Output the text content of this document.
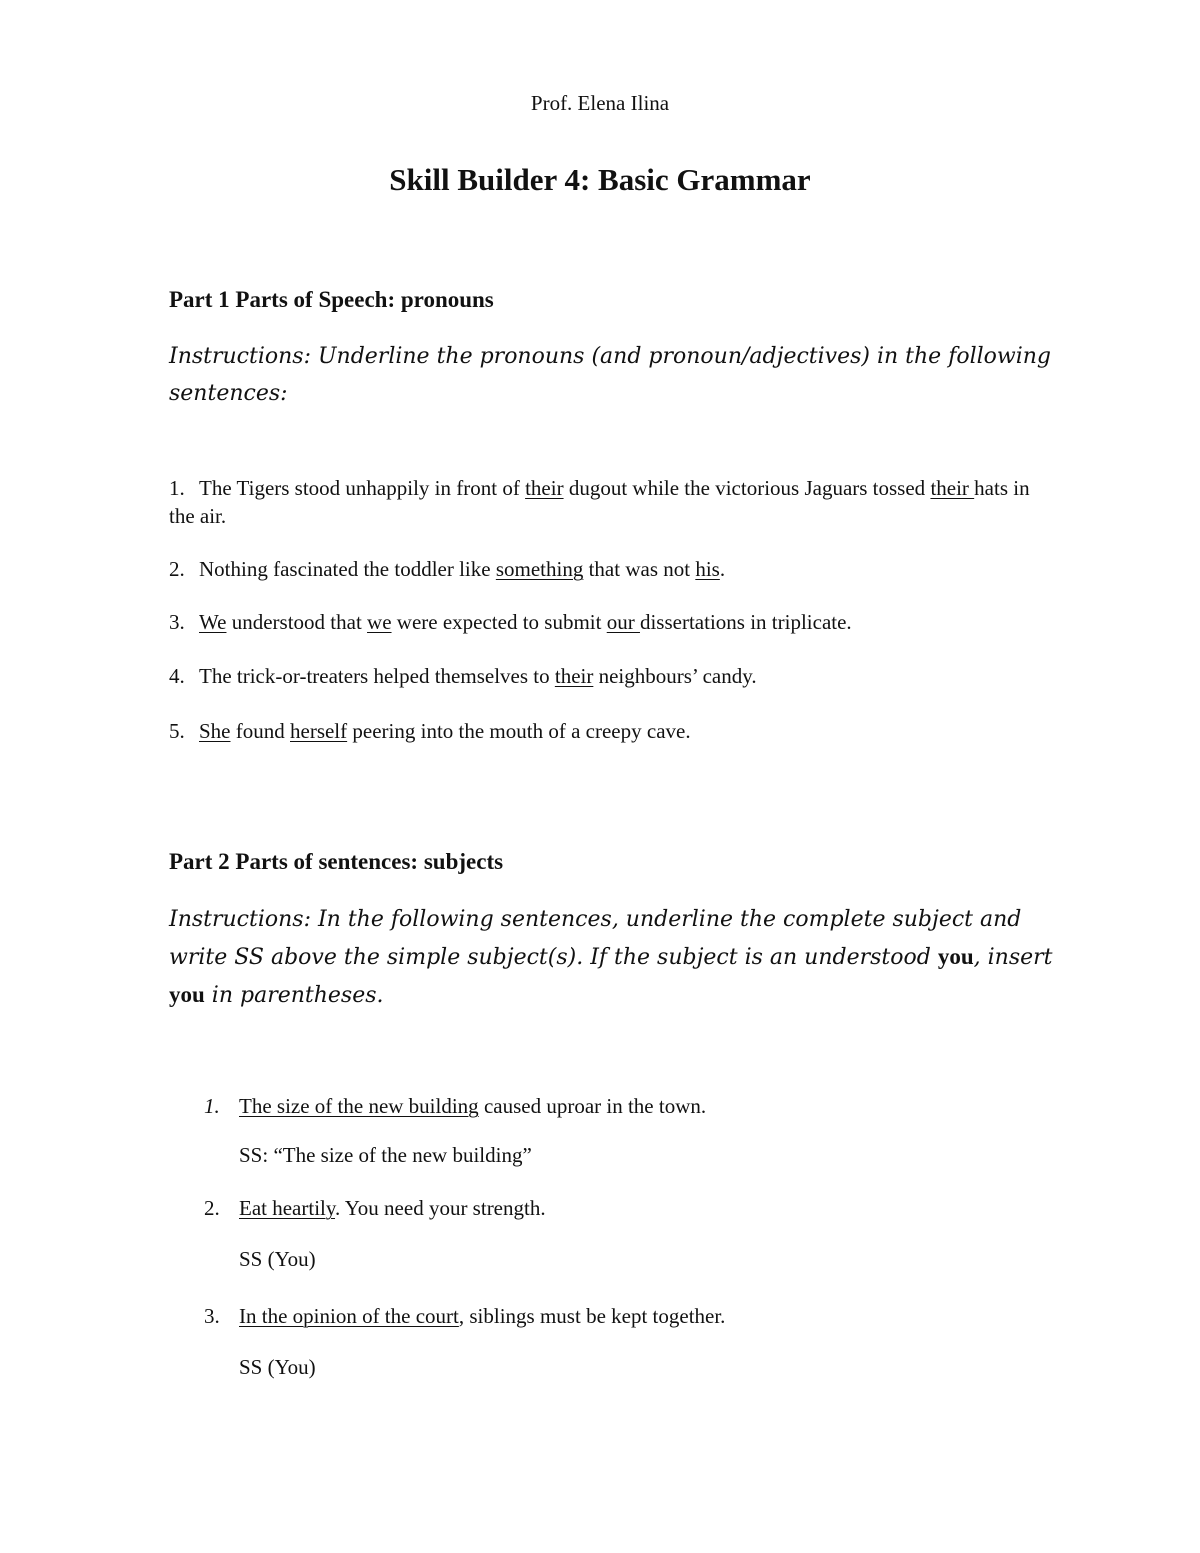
Prof. Elena Ilina
Skill Builder 4: Basic Grammar
Part 1 Parts of Speech: pronouns
Instructions: Underline the pronouns (and pronoun/adjectives) in the following sentences:
1. The Tigers stood unhappily in front of their dugout while the victorious Jaguars tossed their hats in the air.
2. Nothing fascinated the toddler like something that was not his.
3. We understood that we were expected to submit our dissertations in triplicate.
4. The trick-or-treaters helped themselves to their neighbours’ candy.
5. She found herself peering into the mouth of a creepy cave.
Part 2 Parts of sentences: subjects
Instructions: In the following sentences, underline the complete subject and write SS above the simple subject(s). If the subject is an understood you, insert you in parentheses.
1. The size of the new building caused uproar in the town.
SS: “The size of the new building”
2. Eat heartily. You need your strength.
SS (You)
3. In the opinion of the court, siblings must be kept together.
SS (You)
